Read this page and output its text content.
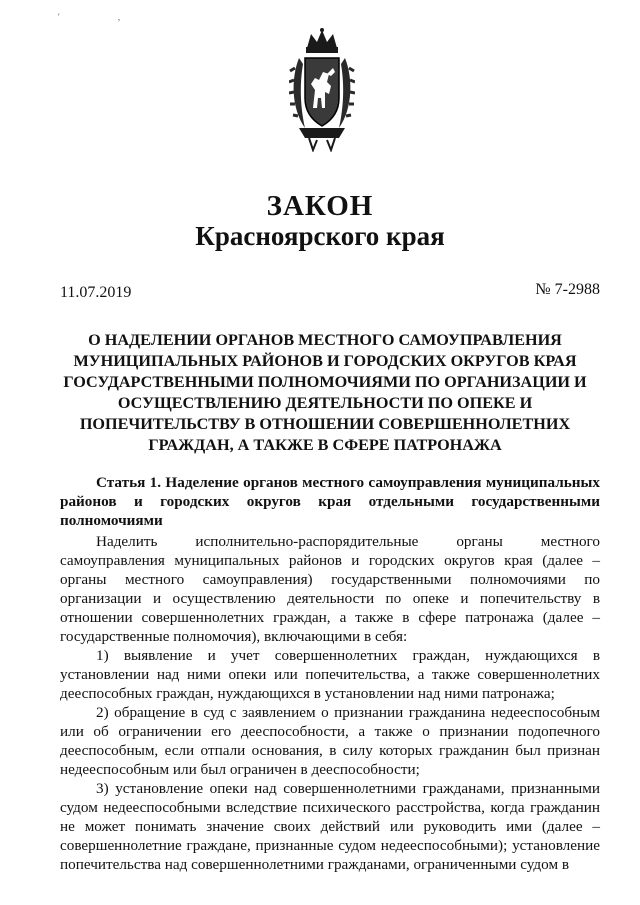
' ,
ЗАКОН
Красноярского края
11.07.2019	№ 7-2988
О НАДЕЛЕНИИ ОРГАНОВ МЕСТНОГО САМОУПРАВЛЕНИЯ МУНИЦИПАЛЬНЫХ РАЙОНОВ И ГОРОДСКИХ ОКРУГОВ КРАЯ ГОСУДАРСТВЕННЫМИ ПОЛНОМОЧИЯМИ ПО ОРГАНИЗАЦИИ И ОСУЩЕСТВЛЕНИЮ ДЕЯТЕЛЬНОСТИ ПО ОПЕКЕ И ПОПЕЧИТЕЛЬСТВУ В ОТНОШЕНИИ СОВЕРШЕННОЛЕТНИХ ГРАЖДАН, А ТАКЖЕ В СФЕРЕ ПАТРОНАЖА

Статья 1. Наделение органов местного самоуправления муниципальных районов и городских округов края отдельными государственными полномочиями

Наделить исполнительно-распорядительные органы местного самоуправления муниципальных районов и городских округов края (далее – органы местного самоуправления) государственными полномочиями по организации и осуществлению деятельности по опеке и попечительству в отношении совершеннолетних граждан, а также в сфере патронажа (далее – государственные полномочия), включающими в себя:

1) выявление и учет совершеннолетних граждан, нуждающихся в установлении над ними опеки или попечительства, а также совершеннолетних дееспособных граждан, нуждающихся в установлении над ними патронажа;

2) обращение в суд с заявлением о признании гражданина недееспособным или об ограничении его дееспособности, а также о признании подопечного дееспособным, если отпали основания, в силу которых гражданин был признан недееспособным или был ограничен в дееспособности;

3) установление опеки над совершеннолетними гражданами, признанными судом недееспособными вследствие психического расстройства, когда гражданин не может понимать значение своих действий или руководить ими (далее – совершеннолетние граждане, признанные судом недееспособными); установление попечительства над совершеннолетними гражданами, ограниченными судом в
